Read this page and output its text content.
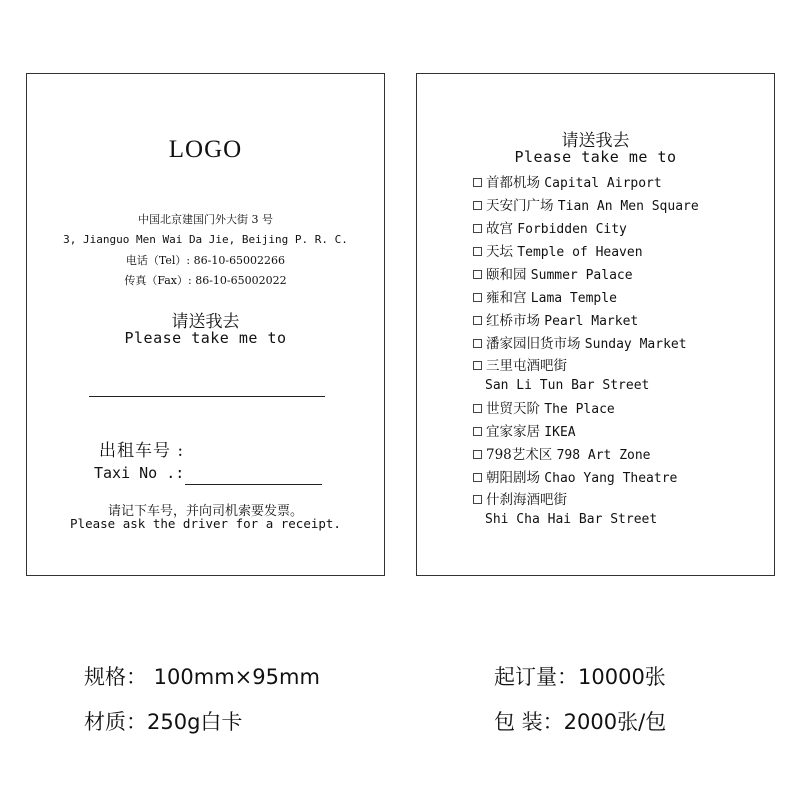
LOGO
中国北京建国门外大街 3 号
3, Jianguo Men Wai Da Jie, Beijing P. R. C.
电话（Tel）: 86-10-65002266
传真（Fax）: 86-10-65002022
请送我去
Please take me to
出租车号 :
Taxi No .:
请记下车号，并向司机索要发票。
Please ask the driver for a receipt.
请送我去
Please take me to
首都机场 Capital Airport
天安门广场 Tian An Men Square
故宫 Forbidden City
天坛 Temple of Heaven
颐和园 Summer Palace
雍和宫 Lama Temple
红桥市场 Pearl Market
潘家园旧货市场 Sunday Market
三里屯酒吧街
San Li Tun Bar Street
世贸天阶 The Place
宜家家居 IKEA
798艺术区 798 Art Zone
朝阳剧场 Chao Yang Theatre
什刹海酒吧街
Shi Cha Hai Bar Street
规格： 100mm×95mm
材质：250g白卡
起订量：10000张
包 装：2000张/包
